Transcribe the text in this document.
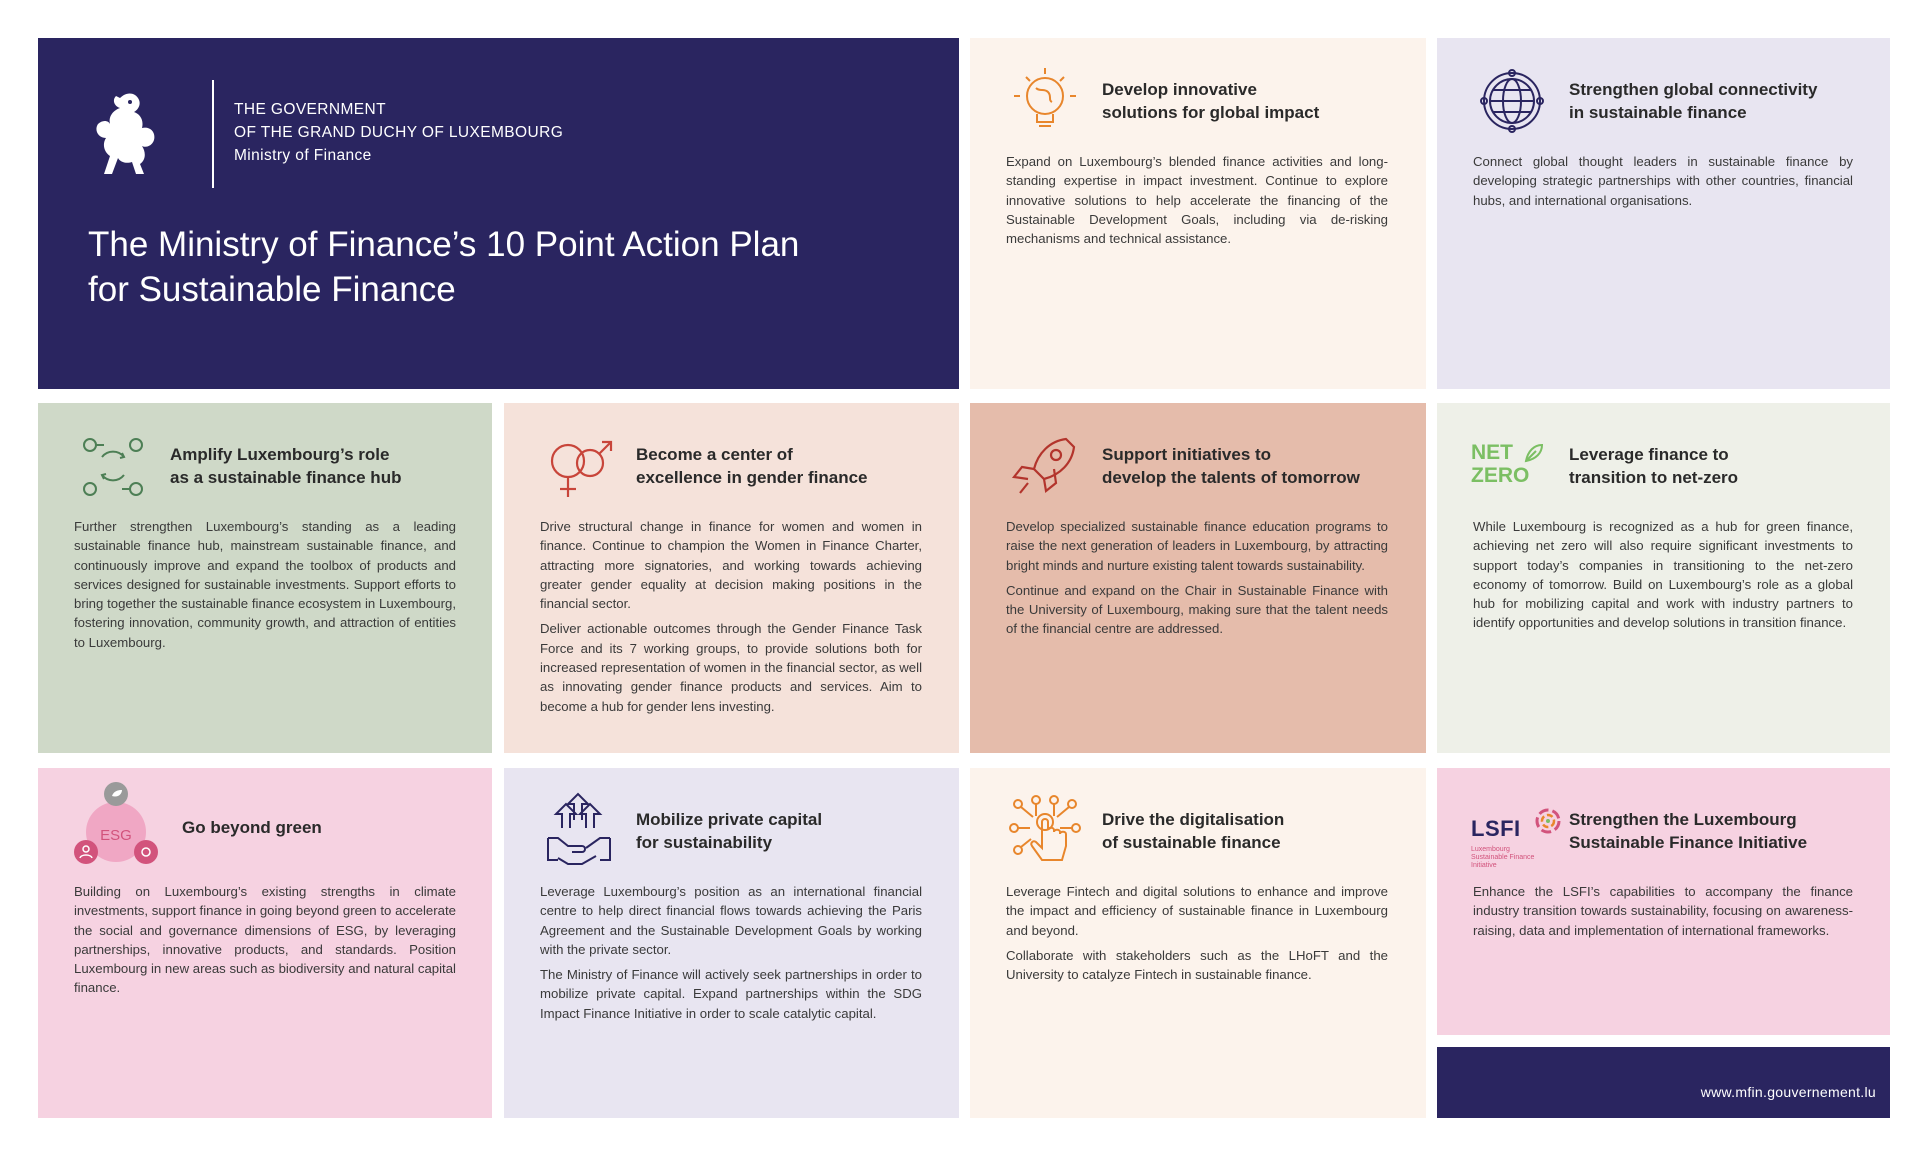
THE GOVERNMENT
OF THE GRAND DUCHY OF LUXEMBOURG
Ministry of Finance
The Ministry of Finance’s 10 Point Action Plan
for Sustainable Finance
Develop innovative
solutions for global impact

Expand on Luxembourg’s blended finance activities and long-standing expertise in impact investment. Continue to explore innovative solutions to help accelerate the financing of the Sustainable Development Goals, including via de-risking mechanisms and technical assistance.

Strengthen global connectivity
in sustainable finance

Connect global thought leaders in sustainable finance by developing strategic partnerships with other countries, financial hubs, and international organisations.

Amplify Luxembourg’s role
as a sustainable finance hub

Further strengthen Luxembourg’s standing as a leading sustainable finance hub, mainstream sustainable finance, and continuously improve and expand the toolbox of products and services designed for sustainable investments. Support efforts to bring together the sustainable finance ecosystem in Luxembourg, fostering innovation, community growth, and attraction of entities to Luxembourg.

Become a center of
excellence in gender finance

Drive structural change in finance for women and women in finance. Continue to champion the Women in Finance Charter, attracting more signatories, and working towards achieving greater gender equality at decision making positions in the financial sector.

Deliver actionable outcomes through the Gender Finance Task Force and its 7 working groups, to provide solutions both for increased representation of women in the financial sector, as well as innovating gender finance products and services. Aim to become a hub for gender lens investing.

Support initiatives to
develop the talents of tomorrow

Develop specialized sustainable finance education programs to raise the next generation of leaders in Luxembourg, by attracting bright minds and nurture existing talent towards sustainability.

Continue and expand on the Chair in Sustainable Finance with the University of Luxembourg, making sure that the talent needs of the financial centre are addressed.

NET
ZERO
Leverage finance to
transition to net-zero

While Luxembourg is recognized as a hub for green finance, achieving net zero will also require significant investments to support today’s companies in transitioning to the net-zero economy of tomorrow. Build on Luxembourg’s role as a global hub for mobilizing capital and work with industry partners to identify opportunities and develop solutions in transition finance.

ESG	Go beyond green

Building on Luxembourg’s existing strengths in climate investments, support finance in going beyond green to accelerate the social and governance dimensions of ESG, by leveraging partnerships, innovative products, and standards. Position Luxembourg in new areas such as biodiversity and natural capital finance.

Mobilize private capital
for sustainability

Leverage Luxembourg’s position as an international financial centre to help direct financial flows towards achieving the Paris Agreement and the Sustainable Development Goals by working with the private sector.

The Ministry of Finance will actively seek partnerships in order to mobilize private capital. Expand partnerships within the SDG Impact Finance Initiative in order to scale catalytic capital.

Drive the digitalisation
of sustainable finance

Leverage Fintech and digital solutions to enhance and improve the impact and efficiency of sustainable finance in Luxembourg and beyond.

Collaborate with stakeholders such as the LHoFT and the University to catalyze Fintech in sustainable finance.

LSFI
Luxembourg Sustainable Finance Initiative
Strengthen the Luxembourg
Sustainable Finance Initiative

Enhance the LSFI’s capabilities to accompany the finance industry transition towards sustainability, focusing on awareness-raising, data and implementation of international frameworks.

www.mfin.gouvernement.lu
